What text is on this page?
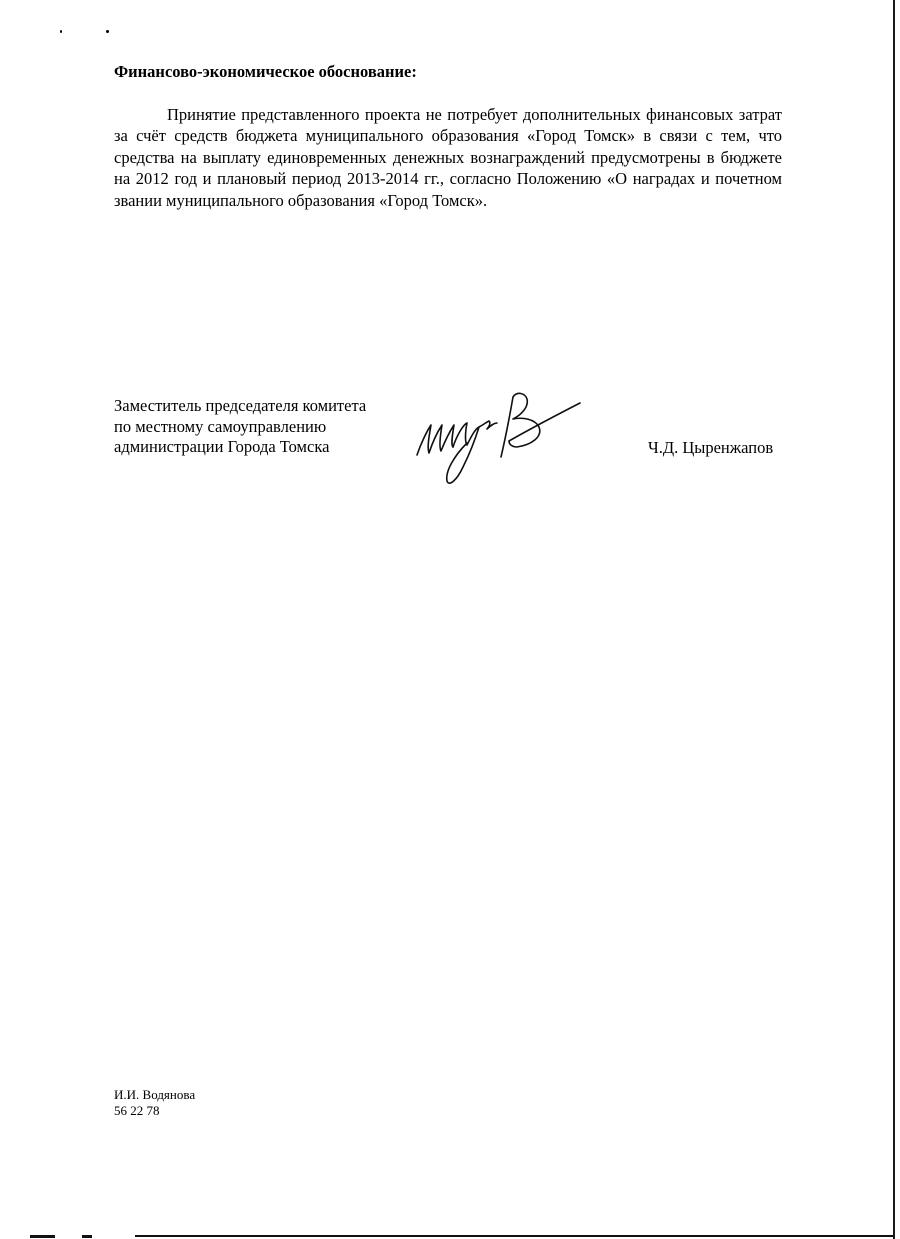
Финансово-экономическое обоснование:

Принятие представленного проекта не потребует дополнительных финансовых затрат за счёт средств бюджета муниципального образования «Город Томск» в связи с тем, что средства на выплату единовременных денежных вознаграждений предусмотрены в бюджете на 2012 год и плановый период 2013-2014 гг., согласно Положению «О наградах и почетном звании муниципального образования «Город Томск».

Заместитель председателя комитета
по местному самоуправлению
администрации Города Томска	Ч.Д. Цыренжапов
И.И. Водянова
56 22 78
